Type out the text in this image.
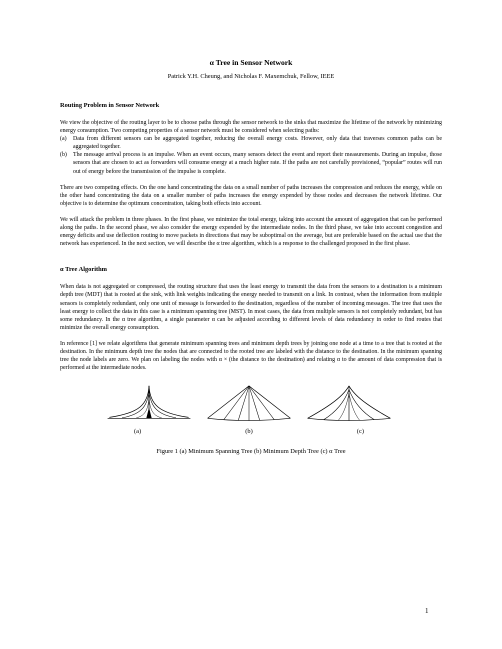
α Tree in Sensor Network

Patrick Y.H. Cheung, and Nicholas F. Maxemchuk, Fellow, IEEE

Routing Problem in Sensor Network

We view the objective of the routing layer to be to choose paths through the sensor network to the sinks that maximize the lifetime of the network by minimizing energy consumption. Two competing properties of a sensor network must be considered when selecting paths:

(a) Data from different sensors can be aggregated together, reducing the overall energy costs. However, only data that traverses common paths can be aggregated together.
(b) The message arrival process is an impulse. When an event occurs, many sensors detect the event and report their measurements. During an impulse, those sensors that are chosen to act as forwarders will consume energy at a much higher rate. If the paths are not carefully provisioned, “popular” routes will run out of energy before the transmission of the impulse is complete.

There are two competing effects. On the one hand concentrating the data on a small number of paths increases the compression and reduces the energy, while on the other hand concentrating the data on a smaller number of paths increases the energy expended by those nodes and decreases the network lifetime. Our objective is to determine the optimum concentration, taking both effects into account.

We will attack the problem in three phases. In the first phase, we minimize the total energy, taking into account the amount of aggregation that can be performed along the paths. In the second phase, we also consider the energy expended by the intermediate nodes. In the third phase, we take into account congestion and energy deficits and use deflection routing to move packets in directions that may be suboptimal on the average, but are preferable based on the actual use that the network has experienced. In the next section, we will describe the α tree algorithm, which is a response to the challenged proposed in the first phase.

α Tree Algorithm

When data is not aggregated or compressed, the routing structure that uses the least energy to transmit the data from the sensors to a destination is a minimum depth tree (MDT) that is rooted at the sink, with link weights indicating the energy needed to transmit on a link. In contrast, when the information from multiple sensors is completely redundant, only one unit of message is forwarded to the destination, regardless of the number of incoming messages. The tree that uses the least energy to collect the data in this case is a minimum spanning tree (MST). In most cases, the data from multiple sensors is not completely redundant, but has some redundancy. In the α tree algorithm, a single parameter α can be adjusted according to different levels of data redundancy in order to find routes that minimize the overall energy consumption.

In reference [1] we relate algorithms that generate minimum spanning trees and minimum depth trees by joining one node at a time to a tree that is rooted at the destination. In the minimum depth tree the nodes that are connected to the rooted tree are labeled with the distance to the destination. In the minimum spanning tree the node labels are zero. We plan on labeling the nodes with α × (the distance to the destination) and relating α to the amount of data compression that is performed at the intermediate nodes.

(a)	(b)	(c)

Figure 1 (a) Minimum Spanning Tree (b) Minimum Depth Tree (c) α Tree

1
